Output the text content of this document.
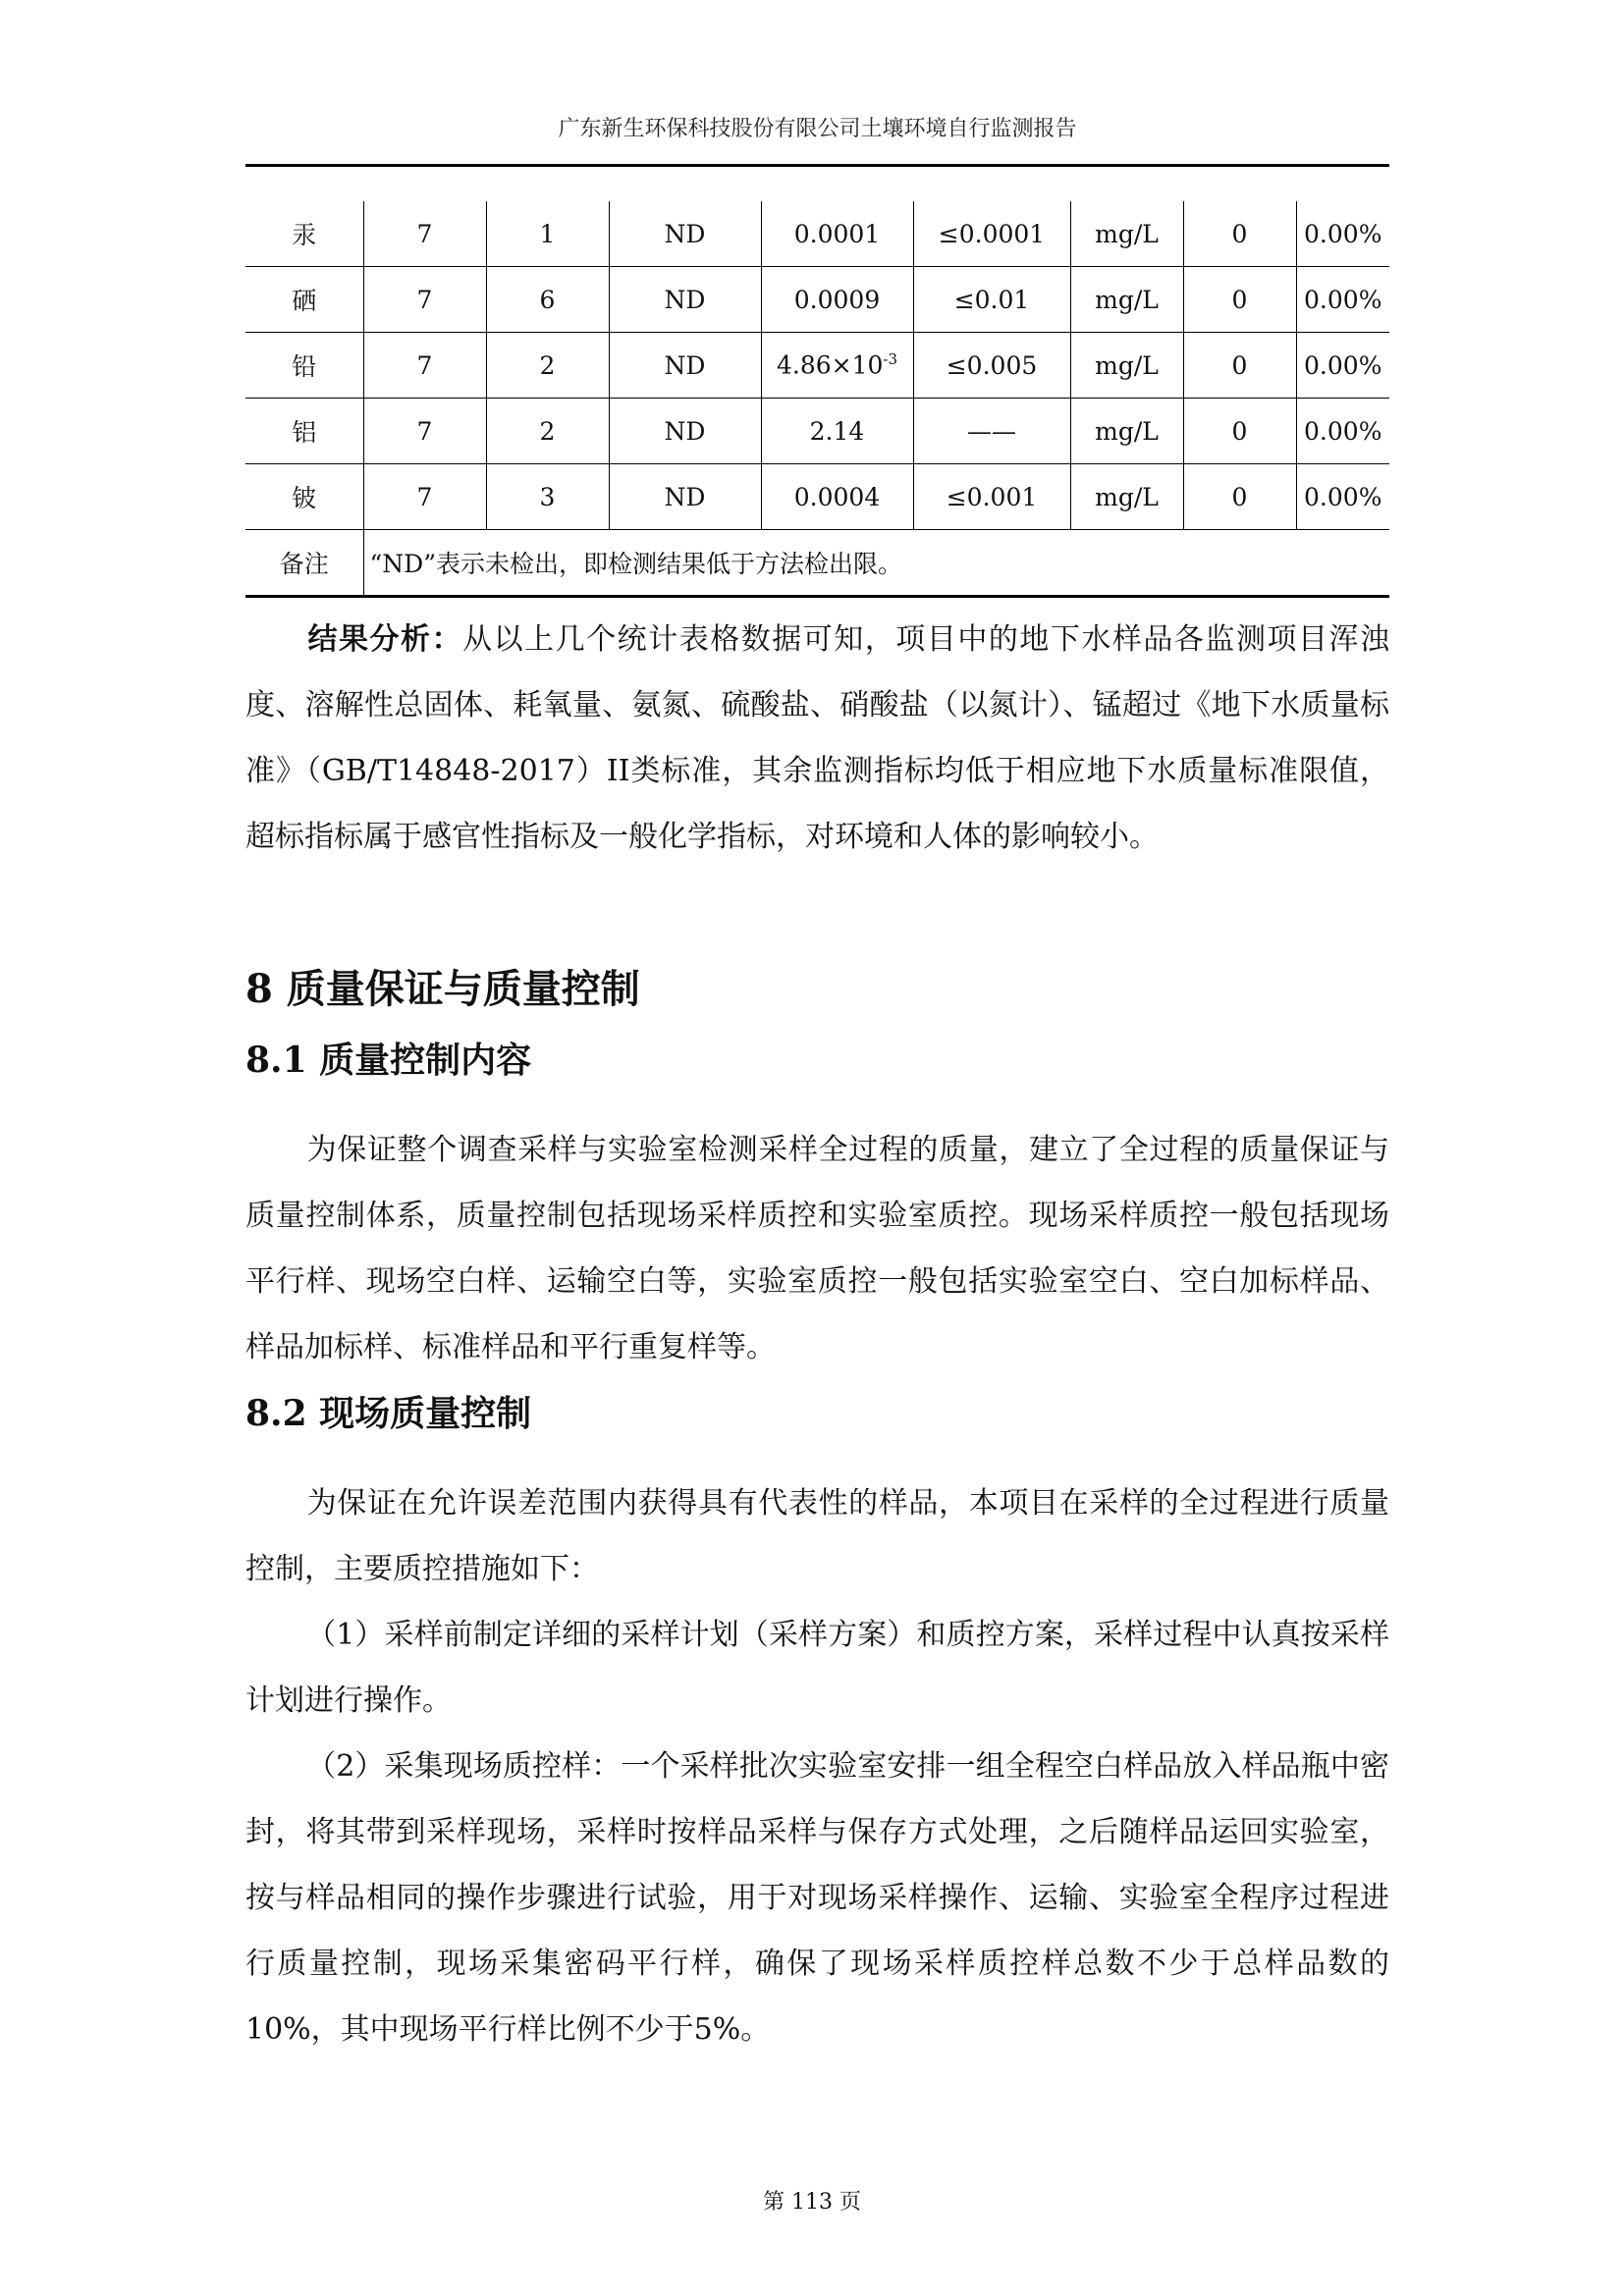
广东新生环保科技股份有限公司土壤环境自行监测报告
汞	7	1	ND	0.0001	≤0.0001	mg/L	0	0.00%
硒	7	6	ND	0.0009	≤0.01	mg/L	0	0.00%
铅	7	2	ND	$4.86\times 10^{-3}$	≤0.005	mg/L	0	0.00%
铝	7	2	ND	2.14	——	mg/L	0	0.00%
铍	7	3	ND	0.0004	≤0.001	mg/L	0	0.00%
备注	“ND”表示未检出，即检测结果低于方法检出限。							
结果分析：从以上几个统计表格数据可知，项目中的地下水样品各监测项目浑浊度、溶解性总固体、耗氧量、氨氮、硫酸盐、硝酸盐（以氮计）、锰超过《地下水质量标准》（GB/T14848-2017）II类标准，其余监测指标均低于相应地下水质量标准限值，超标指标属于感官性指标及一般化学指标，对环境和人体的影响较小。
8 质量保证与质量控制
8.1 质量控制内容
为保证整个调查采样与实验室检测采样全过程的质量，建立了全过程的质量保证与质量控制体系，质量控制包括现场采样质控和实验室质控。现场采样质控一般包括现场平行样、现场空白样、运输空白等，实验室质控一般包括实验室空白、空白加标样品、样品加标样、标准样品和平行重复样等。
8.2 现场质量控制
为保证在允许误差范围内获得具有代表性的样品，本项目在采样的全过程进行质量控制，主要质控措施如下：
（1）采样前制定详细的采样计划（采样方案）和质控方案，采样过程中认真按采样计划进行操作。
（2）采集现场质控样：一个采样批次实验室安排一组全程空白样品放入样品瓶中密封，将其带到采样现场，采样时按样品采样与保存方式处理，之后随样品运回实验室，按与样品相同的操作步骤进行试验，用于对现场采样操作、运输、实验室全程序过程进行质量控制，现场采集密码平行样，确保了现场采样质控样总数不少于总样品数的10%，其中现场平行样比例不少于5%。
第 113 页
